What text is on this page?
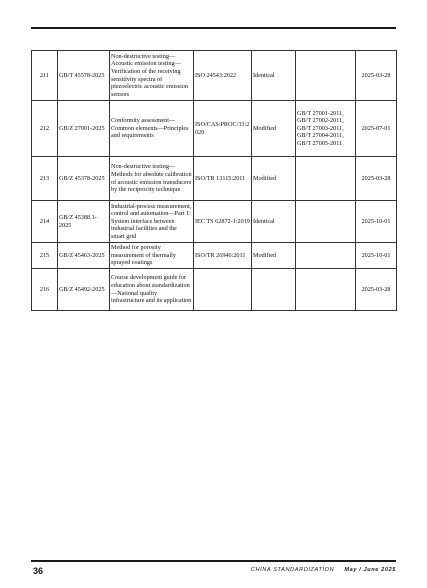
211	GB/T 45578-2025	Non-destructive testing—Acoustic emission testing—Verification of the receiving sensitivity spectra of piezoelectric acoustic emission sensors	ISO 24543:2022	Identical		2025-03-28
212	GB/Z 27001-2025	Conformity assessment—Common elements—Principles and requirements	ISO/CAS/PROC/33:2020	Modified	GB/T 27001-2011, GB/T 27002-2011, GB/T 27003-2011, GB/T 27004-2011, GB/T 27005-2011	2025-07-01
213	GB/Z 45378-2025	Non-destructive testing—Methods for absolute calibration of acoustic emission transducers by the reciprocity technique	ISO/TR 13115:2011	Modified		2025-03-28
214	GB/Z 45388.1-2025	Industrial-process measurement, control and automation—Part 1: System interface between industrial facilities and the smart grid	IEC TS 62872-1:2019	Identical		2025-10-01
215	GB/Z 45463-2025	Method for porosity measurement of thermally sprayed coatings	ISO/TR 26946:2011	Modified		2025-10-01
216	GB/Z 45492-2025	Course development guide for education about standardization—National quality infrastructure and its application				2025-03-28
36	CHINA STANDARDIZATION May / June 2025
